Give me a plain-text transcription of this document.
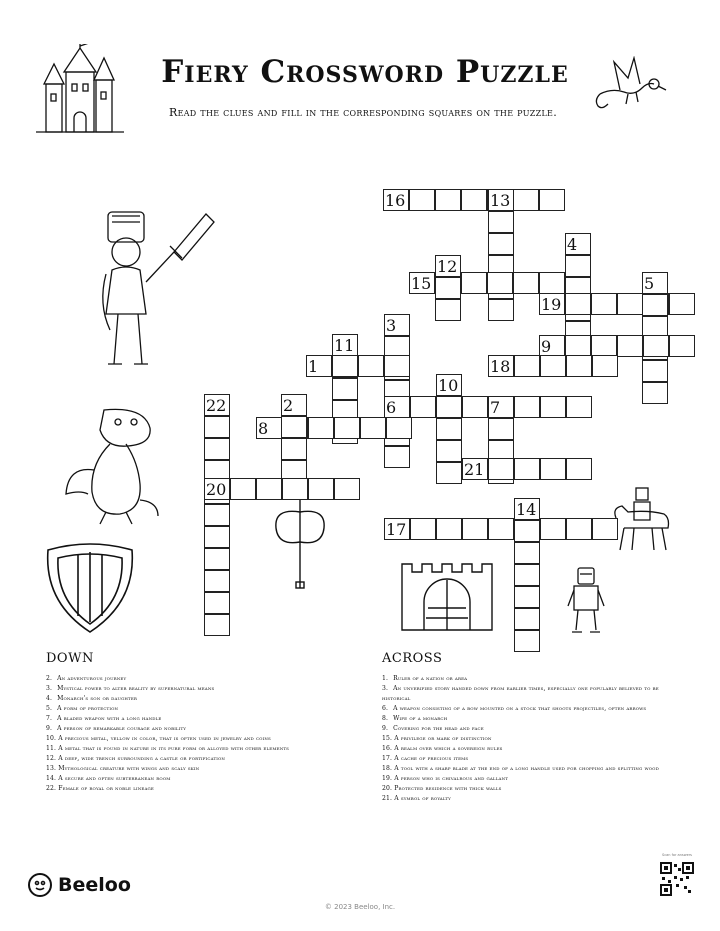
Fiery Crossword Puzzle
Read the clues and fill in the corresponding squares on the puzzle.
1
2
3
4
5
6	7
8
9
10
11
12
13
14
15
16
17
18
19
20
21
22
DOWN
2. An adventurous journey
3. Mystical power to alter reality by supernatural means
4. Monarch's son or daughter
5. A form of protection
7. A bladed weapon with a long handle
9. A person of remarkable courage and nobility
10. A precious metal, yellow in color, that is often used in jewelry and coins
11. A metal that is found in nature in its pure form or alloyed with other elements
12. A deep, wide trench surrounding a castle or fortification
13. Mythological creature with wings and scaly skin
14. A secure and often subterranean room
22. Female of royal or noble lineage
ACROSS
1. Ruler of a nation or area
3. An unverified story handed down from earlier times, especially one popularly believed to be historical
6. A weapon consisting of a bow mounted on a stock that shoots projectiles, often arrows
8. Wife of a monarch
9. Covering for the head and face
15. A privilege or mark of distinction
16. A realm over which a sovereign rules
17. A cache of precious items
18. A tool with a sharp blade at the end of a long handle used for chopping and splitting wood
19. A person who is chivalrous and gallant
20. Protected residence with thick walls
21. A symbol of royalty
Beeloo
© 2023 Beeloo, Inc.
Scan for answers
